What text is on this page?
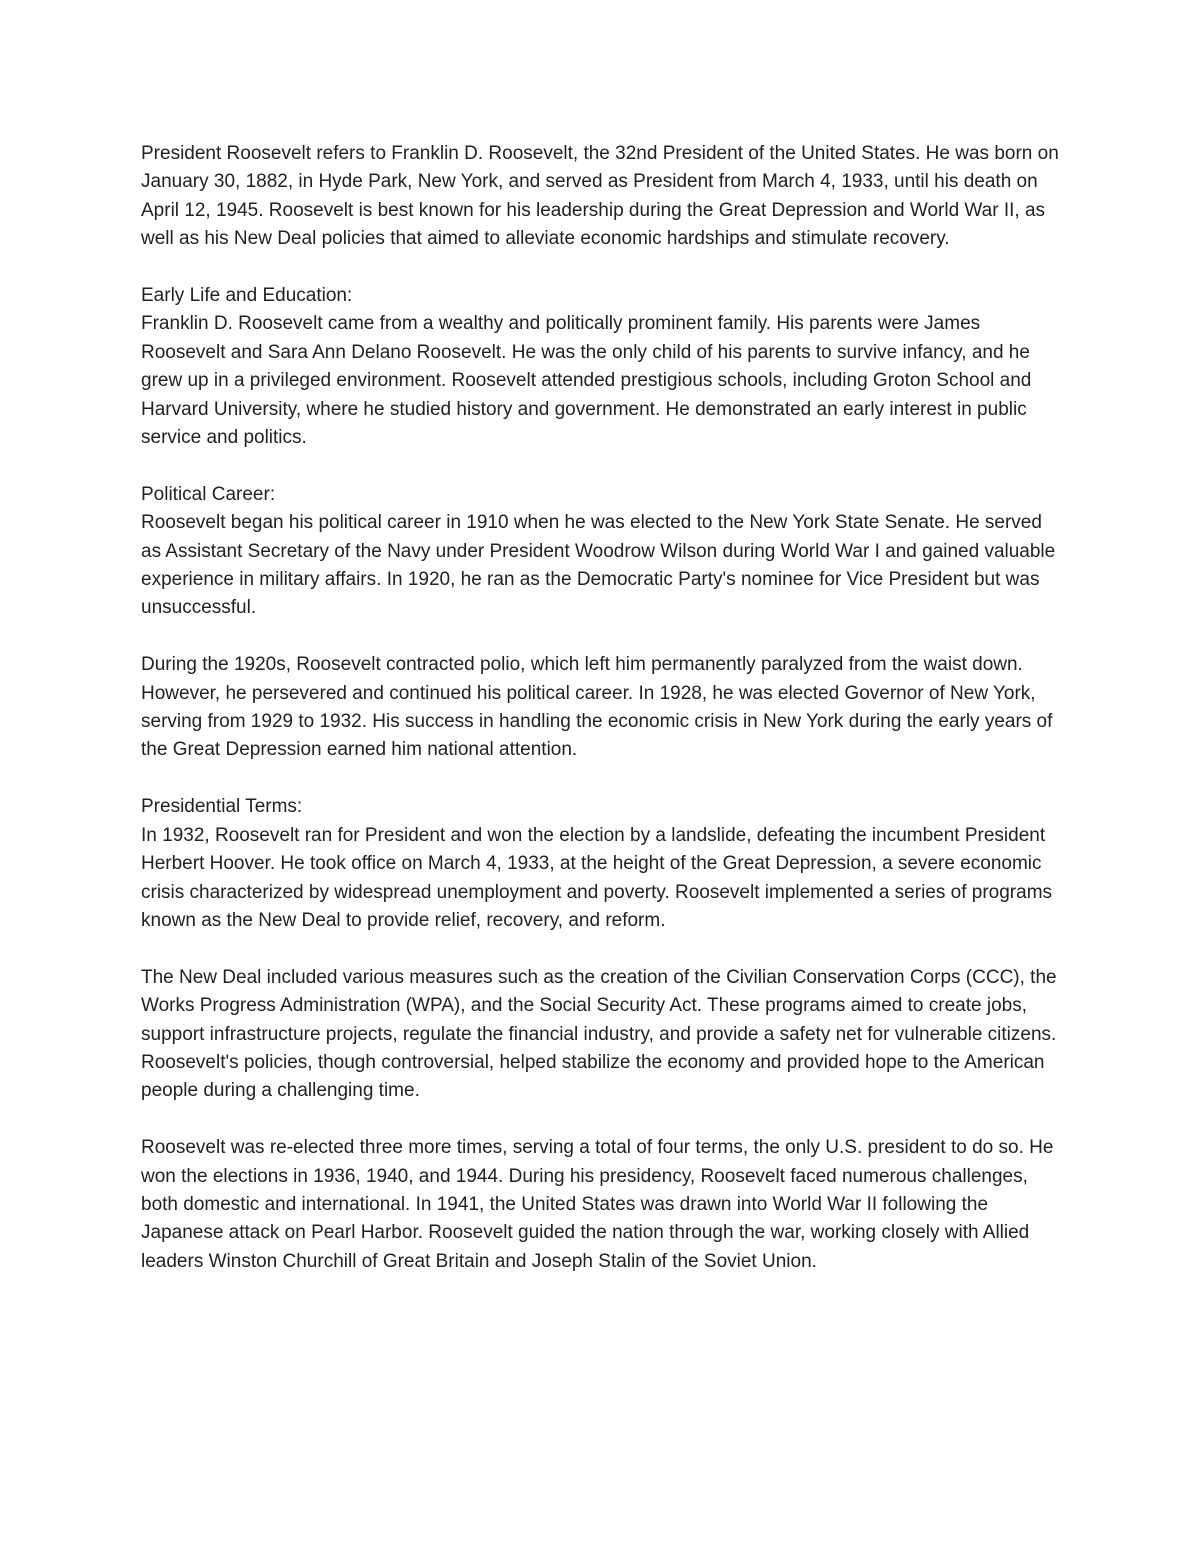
President Roosevelt refers to Franklin D. Roosevelt, the 32nd President of the United States. He was born on January 30, 1882, in Hyde Park, New York, and served as President from March 4, 1933, until his death on April 12, 1945. Roosevelt is best known for his leadership during the Great Depression and World War II, as well as his New Deal policies that aimed to alleviate economic hardships and stimulate recovery.

Early Life and Education:

Franklin D. Roosevelt came from a wealthy and politically prominent family. His parents were James Roosevelt and Sara Ann Delano Roosevelt. He was the only child of his parents to survive infancy, and he grew up in a privileged environment. Roosevelt attended prestigious schools, including Groton School and Harvard University, where he studied history and government. He demonstrated an early interest in public service and politics.

Political Career:

Roosevelt began his political career in 1910 when he was elected to the New York State Senate. He served as Assistant Secretary of the Navy under President Woodrow Wilson during World War I and gained valuable experience in military affairs. In 1920, he ran as the Democratic Party's nominee for Vice President but was unsuccessful.

During the 1920s, Roosevelt contracted polio, which left him permanently paralyzed from the waist down. However, he persevered and continued his political career. In 1928, he was elected Governor of New York, serving from 1929 to 1932. His success in handling the economic crisis in New York during the early years of the Great Depression earned him national attention.

Presidential Terms:

In 1932, Roosevelt ran for President and won the election by a landslide, defeating the incumbent President Herbert Hoover. He took office on March 4, 1933, at the height of the Great Depression, a severe economic crisis characterized by widespread unemployment and poverty. Roosevelt implemented a series of programs known as the New Deal to provide relief, recovery, and reform.

The New Deal included various measures such as the creation of the Civilian Conservation Corps (CCC), the Works Progress Administration (WPA), and the Social Security Act. These programs aimed to create jobs, support infrastructure projects, regulate the financial industry, and provide a safety net for vulnerable citizens. Roosevelt's policies, though controversial, helped stabilize the economy and provided hope to the American people during a challenging time.

Roosevelt was re-elected three more times, serving a total of four terms, the only U.S. president to do so. He won the elections in 1936, 1940, and 1944. During his presidency, Roosevelt faced numerous challenges, both domestic and international. In 1941, the United States was drawn into World War II following the Japanese attack on Pearl Harbor. Roosevelt guided the nation through the war, working closely with Allied leaders Winston Churchill of Great Britain and Joseph Stalin of the Soviet Union.
